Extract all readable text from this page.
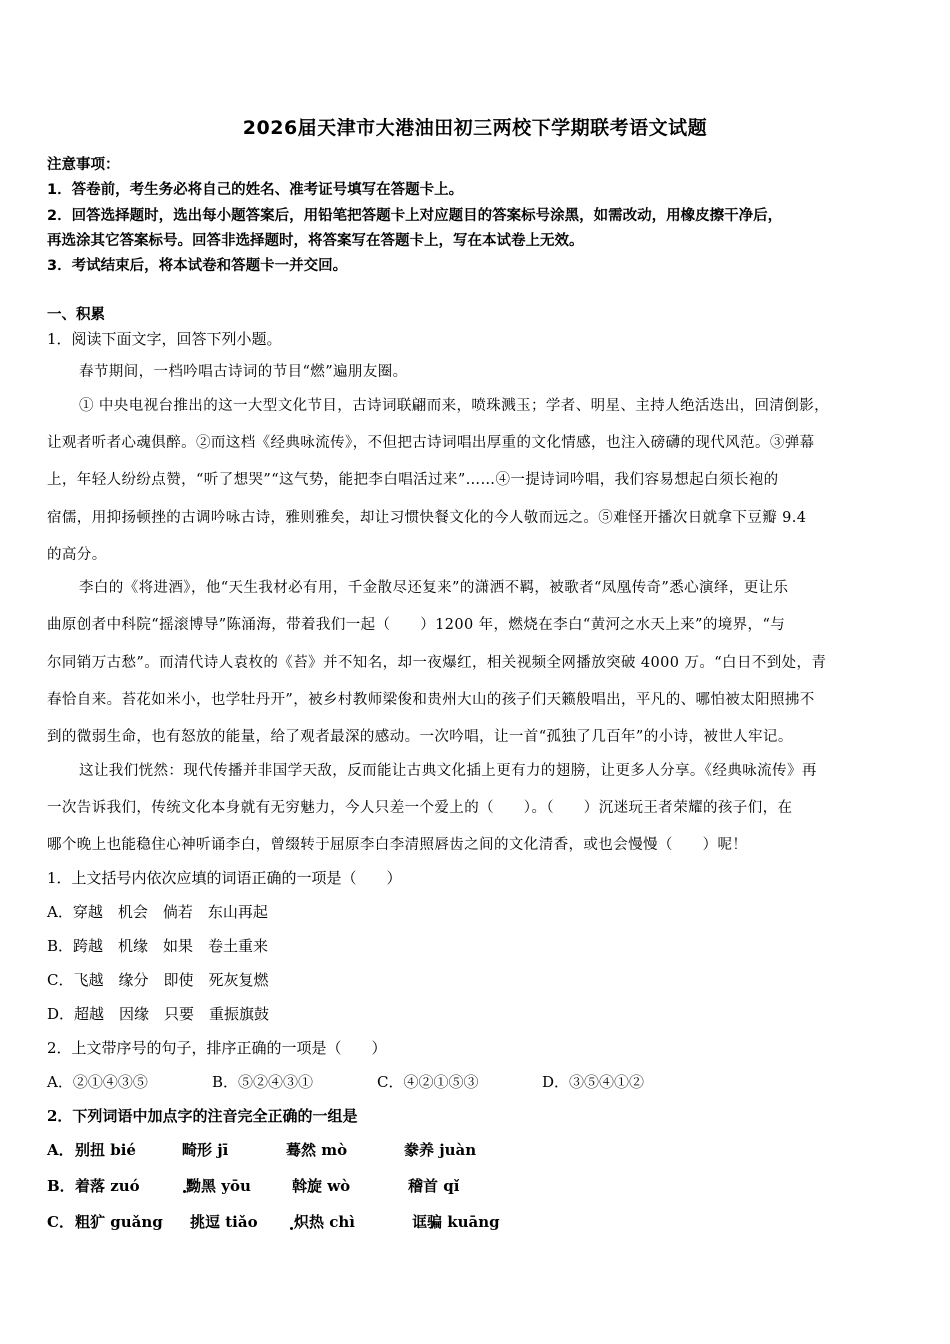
2026届天津市大港油田初三两校下学期联考语文试题
注意事项：
1．答卷前，考生务必将自己的姓名、准考证号填写在答题卡上。
2．回答选择题时，选出每小题答案后，用铅笔把答题卡上对应题目的答案标号涂黑，如需改动，用橡皮擦干净后，
再选涂其它答案标号。回答非选择题时，将答案写在答题卡上，写在本试卷上无效。
3．考试结束后，将本试卷和答题卡一并交回。
一、积累
1．阅读下面文字，回答下列小题。
春节期间，一档吟唱古诗词的节目“燃”遍朋友圈。
① 中央电视台推出的这一大型文化节目，古诗词联翩而来，喷珠溅玉；学者、明星、主持人绝活迭出，回清倒影，
让观者听者心魂俱醉。②而这档《经典咏流传》，不但把古诗词唱出厚重的文化情感，也注入磅礴的现代风范。③弹幕
上，年轻人纷纷点赞，“听了想哭”“这气势，能把李白唱活过来”……④一提诗词吟唱，我们容易想起白须长袍的
宿儒，用抑扬顿挫的古调吟咏古诗，雅则雅矣，却让习惯快餐文化的今人敬而远之。⑤难怪开播次日就拿下豆瓣 9.4
的高分。
李白的《将进酒》，他“天生我材必有用，千金散尽还复来”的潇洒不羁，被歌者“凤凰传奇”悉心演绎，更让乐
曲原创者中科院“摇滚博导”陈涌海，带着我们一起（　　）1200 年，燃烧在李白“黄河之水天上来”的境界，“与
尔同销万古愁”。而清代诗人袁枚的《苔》并不知名，却一夜爆红，相关视频全网播放突破 4000 万。“白日不到处，青
春恰自来。苔花如米小，也学牡丹开”，被乡村教师梁俊和贵州大山的孩子们天籁般唱出，平凡的、哪怕被太阳照拂不
到的微弱生命，也有怒放的能量，给了观者最深的感动。一次吟唱，让一首“孤独了几百年”的小诗，被世人牢记。
这让我们恍然：现代传播并非国学天敌，反而能让古典文化插上更有力的翅膀，让更多人分享。《经典咏流传》再
一次告诉我们，传统文化本身就有无穷魅力，今人只差一个爱上的（　　）。（　　）沉迷玩王者荣耀的孩子们，在
哪个晚上也能稳住心神听诵李白，曾缀转于屈原李白李清照唇齿之间的文化清香，或也会慢慢（　　）呢！
1．上文括号内依次应填的词语正确的一项是（　　）
A．穿越　机会　倘若　东山再起
B．跨越　机缘　如果　卷土重来
C．飞越　缘分　即使　死灰复燃
D．超越　因缘　只要　重振旗鼓
2．上文带序号的句子，排序正确的一项是（　　）
A．②①④③⑤	B．⑤②④③①	C．④②①⑤③	D．③⑤④①②
2．下列词语中加点字的注音完全正确的一组是
A． 别扭 bié	畸形 jī	蓦然 mò	豢养 juàn
B． 着落 zuó	黝黑 yōu	斡旋 wò	稽首 qǐ
C． 粗犷 guǎng 挑逗 tiǎo 炽热 chì	诓骗 kuāng
